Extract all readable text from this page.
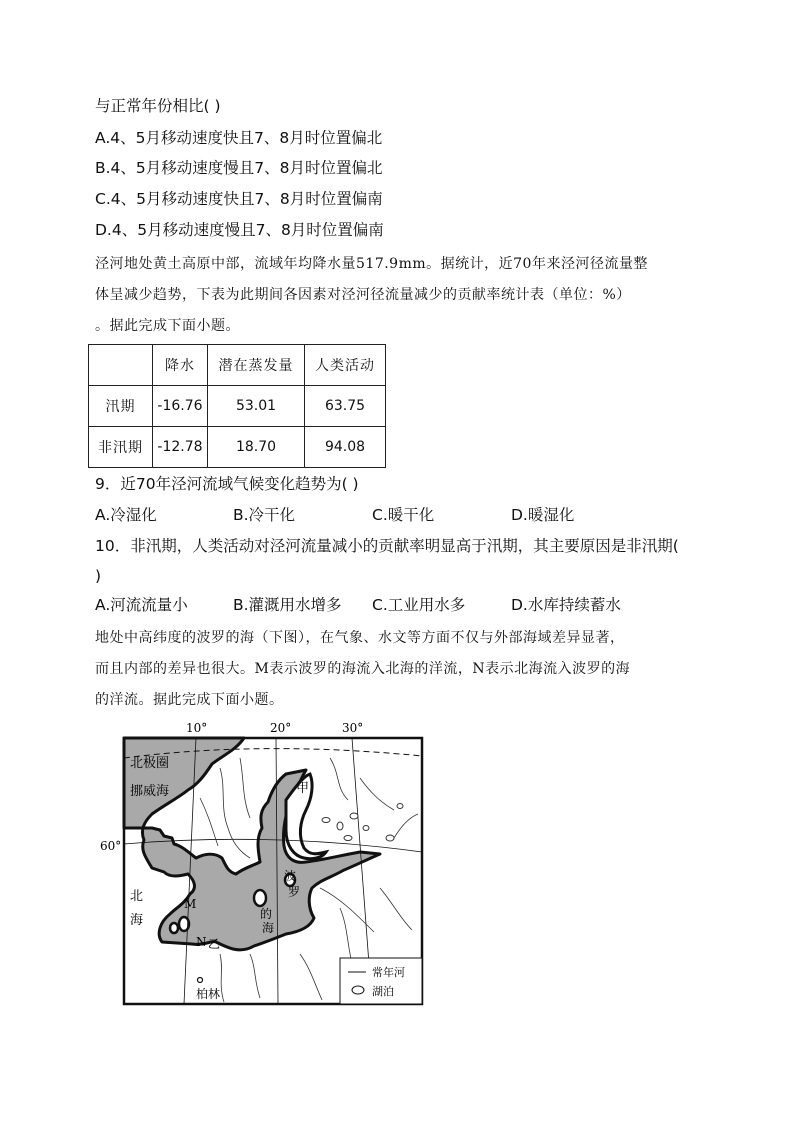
与正常年份相比( )
A.4、5月移动速度快且7、8月时位置偏北
B.4、5月移动速度慢且7、8月时位置偏北
C.4、5月移动速度快且7、8月时位置偏南
D.4、5月移动速度慢且7、8月时位置偏南
泾河地处黄土高原中部，流域年均降水量517.9mm。据统计，近70年来泾河径流量整
体呈减少趋势，下表为此期间各因素对泾河径流量减少的贡献率统计表（单位：%）
。据此完成下面小题。
	降水	潜在蒸发量	人类活动
汛期	-16.76	53.01	63.75
非汛期	-12.78	18.70	94.08
9．近70年泾河流域气候变化趋势为( )
A.冷湿化	B.冷干化	C.暖干化	D.暖湿化
10．非汛期，人类活动对泾河流量减小的贡献率明显高于汛期，其主要原因是非汛期(
)
A.河流流量小	B.灌溉用水增多 C.工业用水多	D.水库持续蓄水
地处中高纬度的波罗的海（下图），在气象、水文等方面不仅与外部海域差异显著，
而且内部的差异也很大。M表示波罗的海流入北海的洋流，N表示北海流入波罗的海
的洋流。据此完成下面小题。
10°	20°	30°
60°
北极圈
挪威海
北
海
波
罗
的
海
甲
乙
M
N
柏林
常年河
湖泊
